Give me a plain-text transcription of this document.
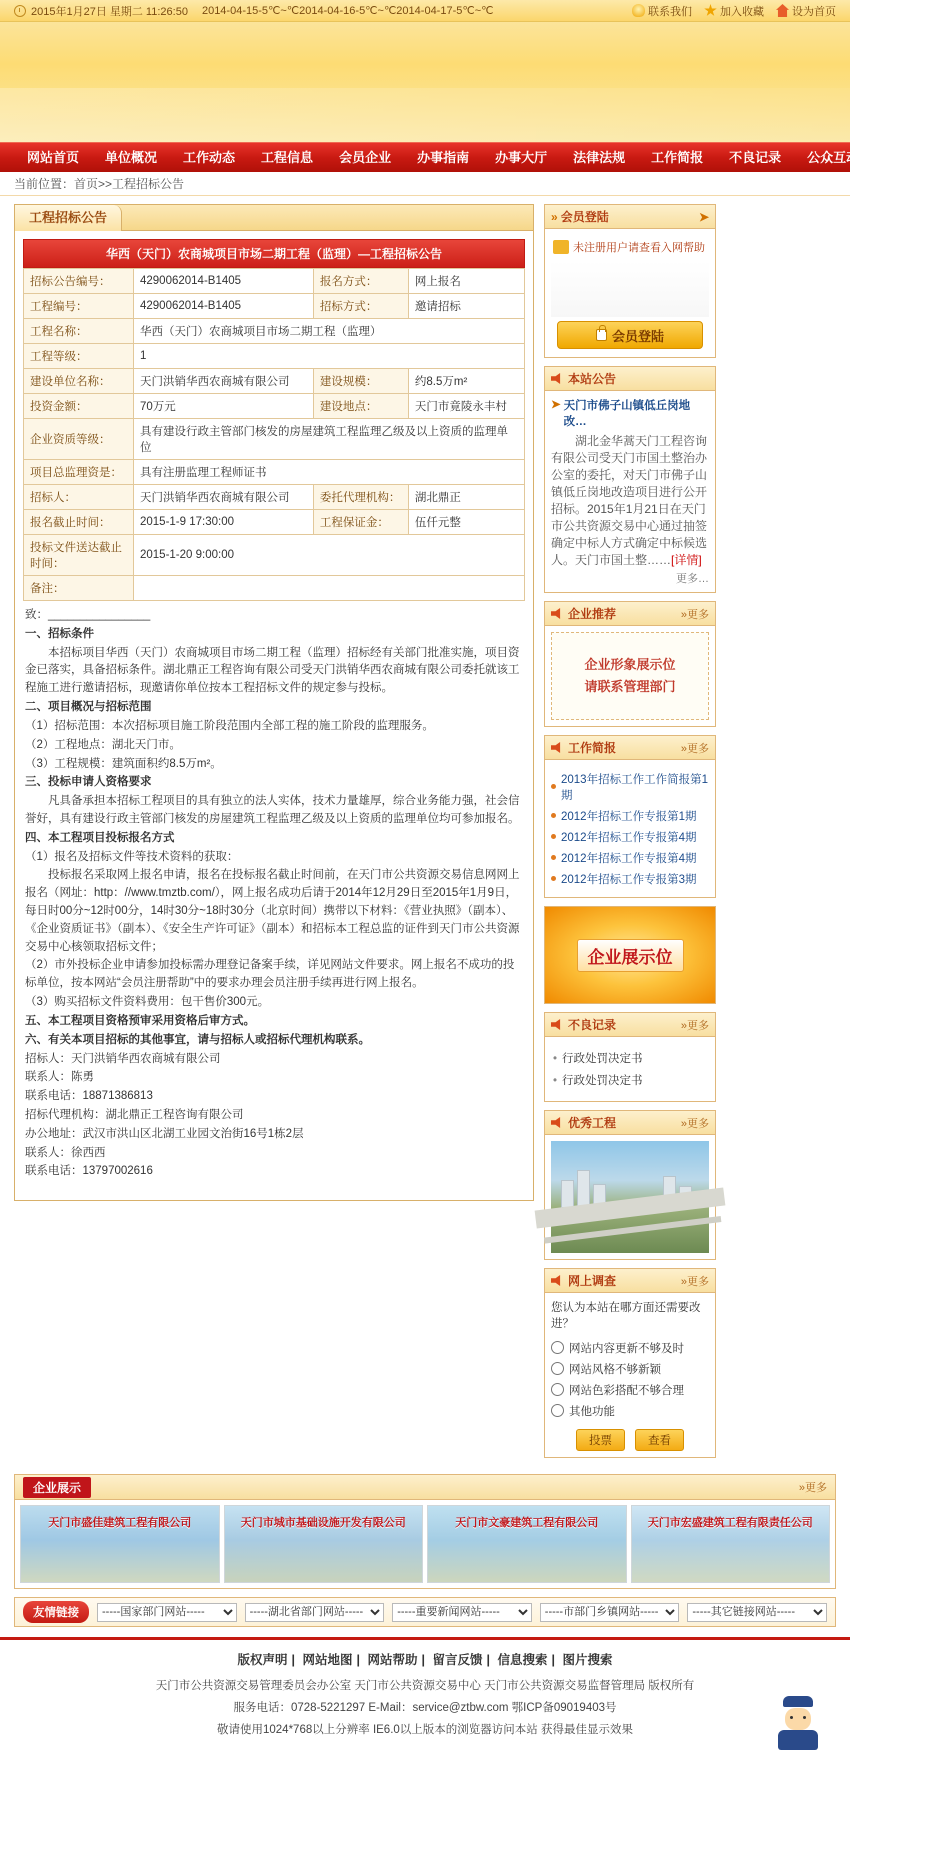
2015年1月27日 星期二 11:26:50 2014-04-15-5℃~℃2014-04-16-5℃~℃2014-04-17-5℃~℃	联系我们	加入收藏	设为首页
网站首页	单位概况	工作动态	工程信息	会员企业	办事指南	办事大厅	法律法规	工作简报	不良记录	公众互动	数字机选
当前位置：首页>>工程招标公告
工程招标公告
华西（天门）农商城项目市场二期工程（监理）—工程招标公告
招标公告编号：	4290062014-B1405	报名方式：	网上报名
工程编号：	4290062014-B1405	招标方式：	邀请招标
工程名称：	华西（天门）农商城项目市场二期工程（监理）		
工程等级：	1		
建设单位名称：	天门洪销华西农商城有限公司	建设规模：	约8.5万m²
投资金额：	70万元	建设地点：	天门市竟陵永丰村
企业资质等级：	具有建设行政主管部门核发的房屋建筑工程监理乙级及以上资质的监理单位		
项目总监理资是：	具有注册监理工程师证书		
招标人：	天门洪销华西农商城有限公司	委托代理机构：	湖北鼎正
报名截止时间：	2015-1-9 17:30:00	工程保证金：	伍仟元整
投标文件送达截止时间：	2015-1-20 9:00:00		
备注：			

致：________________

一、招标条件

　　本招标项目华西（天门）农商城项目市场二期工程（监理）招标经有关部门批准实施，项目资金已落实，具备招标条件。湖北鼎正工程咨询有限公司受天门洪销华西农商城有限公司委托就该工程施工进行邀请招标，现邀请你单位按本工程招标文件的规定参与投标。

二、项目概况与招标范围

（1）招标范围：本次招标项目施工阶段范围内全部工程的施工阶段的监理服务。

（2）工程地点：湖北天门市。

（3）工程规模：建筑面积约8.5万m²。

三、投标申请人资格要求

　　凡具备承担本招标工程项目的具有独立的法人实体，技术力量雄厚，综合业务能力强，社会信誉好，具有建设行政主管部门核发的房屋建筑工程监理乙级及以上资质的监理单位均可参加报名。

四、本工程项目投标报名方式

（1）报名及招标文件等技术资料的获取：

　　投标报名采取网上报名申请，报名在投标报名截止时间前，在天门市公共资源交易信息网网上报名（网址：http：//www.tmztb.com/），网上报名成功后请于2014年12月29日至2015年1月9日，每日时00分~12时00分，14时30分~18时30分（北京时间）携带以下材料：《营业执照》（副本）、《企业资质证书》（副本）、《安全生产许可证》（副本）和招标本工程总监的证件到天门市公共资源交易中心核领取招标文件；

（2）市外投标企业申请参加投标需办理登记备案手续，详见网站文件要求。网上报名不成功的投标单位，按本网站“会员注册帮助”中的要求办理会员注册手续再进行网上报名。

（3）购买招标文件资料费用：包干售价300元。

五、本工程项目资格预审采用资格后审方式。

六、有关本项目招标的其他事宜，请与招标人或招标代理机构联系。

招标人：天门洪销华西农商城有限公司

联系人：陈勇

联系电话：18871386813

招标代理机构：湖北鼎正工程咨询有限公司

办公地址：武汉市洪山区北湖工业园文治街16号1栋2层

联系人：徐西西

联系电话：13797002616

» 会员登陆	➤
未注册用户请查看入网帮助
会员登陆
本站公告
➤ 天门市佛子山镇低丘岗地改…
湖北金华蒿天门工程咨询有限公司受天门市国土整治办公室的委托，对天门市佛子山镇低丘岗地改造项目进行公开招标。2015年1月21日在天门市公共资源交易中心通过抽签确定中标人方式确定中标候选人。天门市国土整……[详情]
更多…
企业推荐	»更多
企业形象展示位
请联系管理部门
工作简报	»更多
2013年招标工作工作简报第1期
2012年招标工作专报第1期
2012年招标工作专报第4期
2012年招标工作专报第4期
2012年招标工作专报第3期
企业展示位
不良记录	»更多
• 行政处罚决定书
• 行政处罚决定书
优秀工程	»更多
网上调查	»更多
您认为本站在哪方面还需要改进？
网站内容更新不够及时
网站风格不够新颖
网站色彩搭配不够合理
其他功能
投票	查看
企业展示	»更多
天门市盛佳建筑工程有限公司	天门市城市基础设施开发有限公司	天门市文豪建筑工程有限公司	天门市宏盛建筑工程有限责任公司
友情链接
-----国家部门网站-----
-----湖北省部门网站-----
-----重要新闻网站-----
-----市部门乡镇网站-----
-----其它链接网站-----
版权声明 | 网站地图 | 网站帮助 | 留言反馈 | 信息搜索 | 图片搜索
天门市公共资源交易管理委员会办公室 天门市公共资源交易中心 天门市公共资源交易监督管理局 版权所有
服务电话：0728-5221297 E-Mail：service@ztbw.com 鄂ICP备09019403号
敬请使用1024*768以上分辨率 IE6.0以上版本的浏览器访问本站 获得最佳显示效果
